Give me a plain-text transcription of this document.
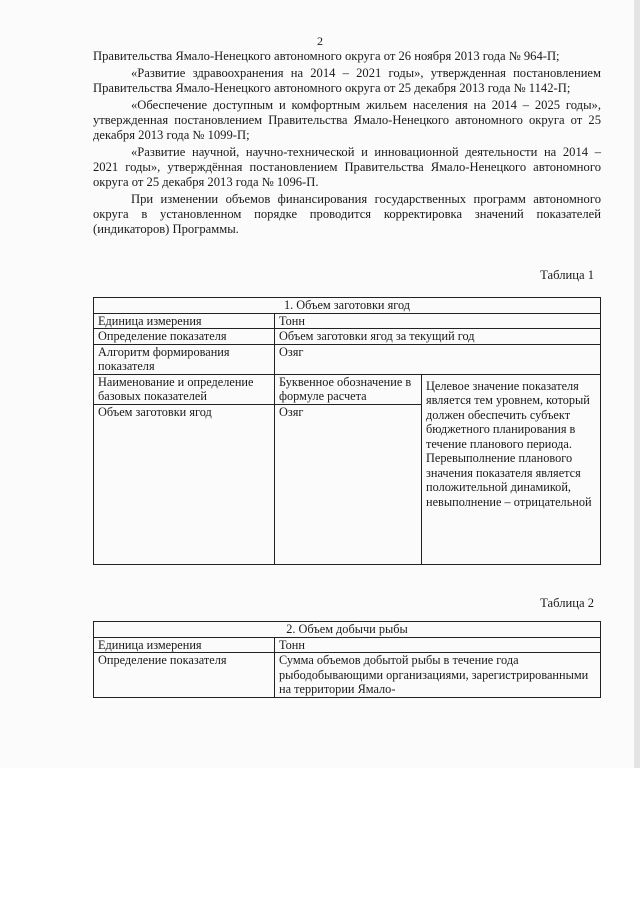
2

Правительства Ямало-Ненецкого автономного округа от 26 ноября 2013 года № 964-П;

«Развитие здравоохранения на 2014 – 2021 годы», утвержденная постановлением Правительства Ямало-Ненецкого автономного округа от 25 декабря 2013 года № 1142-П;

«Обеспечение доступным и комфортным жильем населения на 2014 – 2025 годы», утвержденная постановлением Правительства Ямало-Ненецкого автономного округа от 25 декабря 2013 года № 1099-П;

«Развитие научной, научно-технической и инновационной деятельности на 2014 – 2021 годы», утверждённая постановлением Правительства Ямало-Ненецкого автономного округа от 25 декабря 2013 года № 1096-П.

При изменении объемов финансирования государственных программ автономного округа в установленном порядке проводится корректировка значений показателей (индикаторов) Программы.

Таблица 1
1. Объем заготовки ягод		
Единица измерения	Тонн	
Определение показателя	Объем заготовки ягод за текущий год	
Алгоритм формирования показателя	Озяг	
Наименование и определение базовых показателей	Буквенное обозначение в формуле расчета	Целевое значение показателя является тем уровнем, который должен обеспечить субъект бюджетного планирования в течение планового периода. Перевыполнение планового значения показателя является положительной динамикой, невыполнение – отрицательной
Объем заготовки ягод	Озяг	
Таблица 2
2. Объем добычи рыбы	
Единица измерения	Тонн
Определение показателя	Сумма объемов добытой рыбы в течение года рыбодобывающими организациями, зарегистрированными на территории Ямало-
